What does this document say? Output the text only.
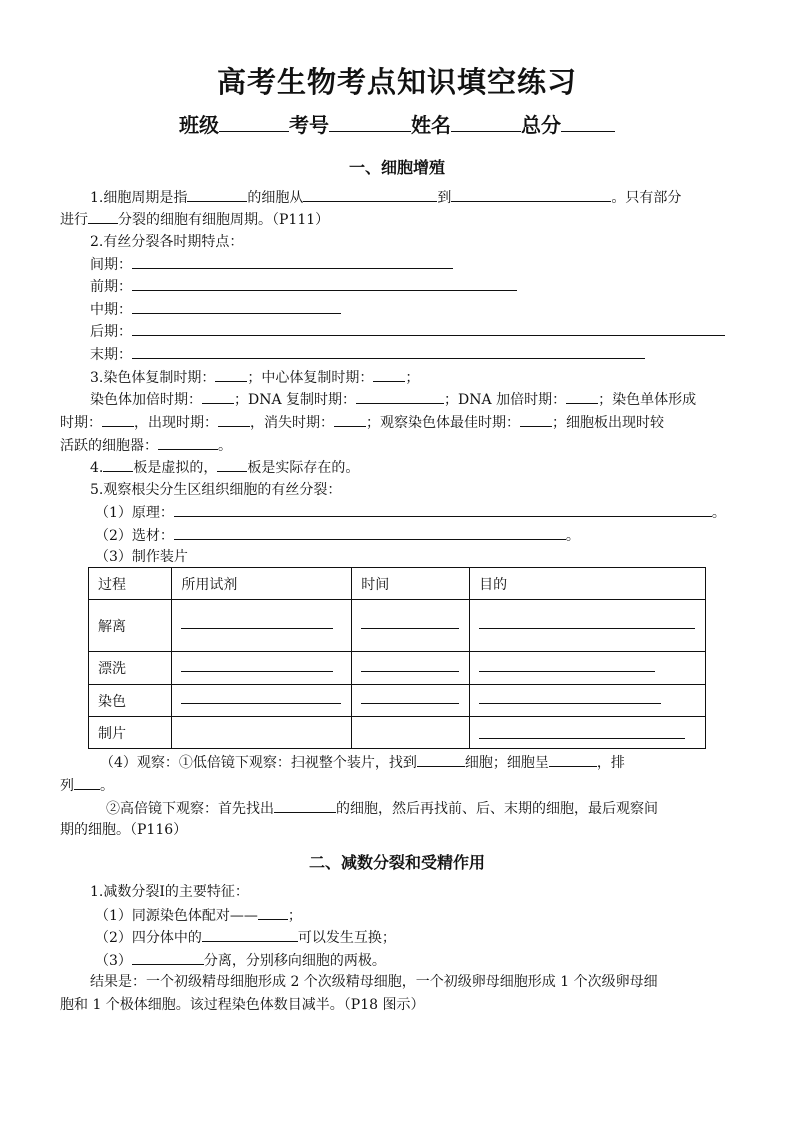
高考生物考点知识填空练习
班级	考号	姓名	总分
一、细胞增殖
1.细胞周期是指	的细胞从	到	。只有部分
进行 分裂的细胞有细胞周期。（P111）
2.有丝分裂各时期特点：
间期：
前期：
中期：
后期：
末期：
3.染色体复制时期： ；中心体复制时期： ；
染色体加倍时期： ；DNA 复制时期：	；DNA 加倍时期： ；染色单体形成
时期： ，出现时期： ，消失时期： ；观察染色体最佳时期： ；细胞板出现时较
活跃的细胞器：	。
4. 板是虚拟的， 板是实际存在的。
5.观察根尖分生区组织细胞的有丝分裂：
（1）原理：	。
（2）选材：	。
（3）制作装片
过程	所用试剂	时间	目的
解离	

漂洗	

染色	

制片			
（4）观察：①低倍镜下观察：扫视整个装片，找到	细胞；细胞呈	，排
列 。
②高倍镜下观察：首先找出	的细胞，然后再找前、后、末期的细胞，最后观察间
期的细胞。（P116）
二、减数分裂和受精作用
1.减数分裂Ⅰ的主要特征：
（1）同源染色体配对—— ；
（2）四分体中的	可以发生互换；
（3）	分离，分别移向细胞的两极。
结果是：一个初级精母细胞形成 2 个次级精母细胞，一个初级卵母细胞形成 1 个次级卵母细
胞和 1 个极体细胞。该过程染色体数目减半。（P18 图示）
